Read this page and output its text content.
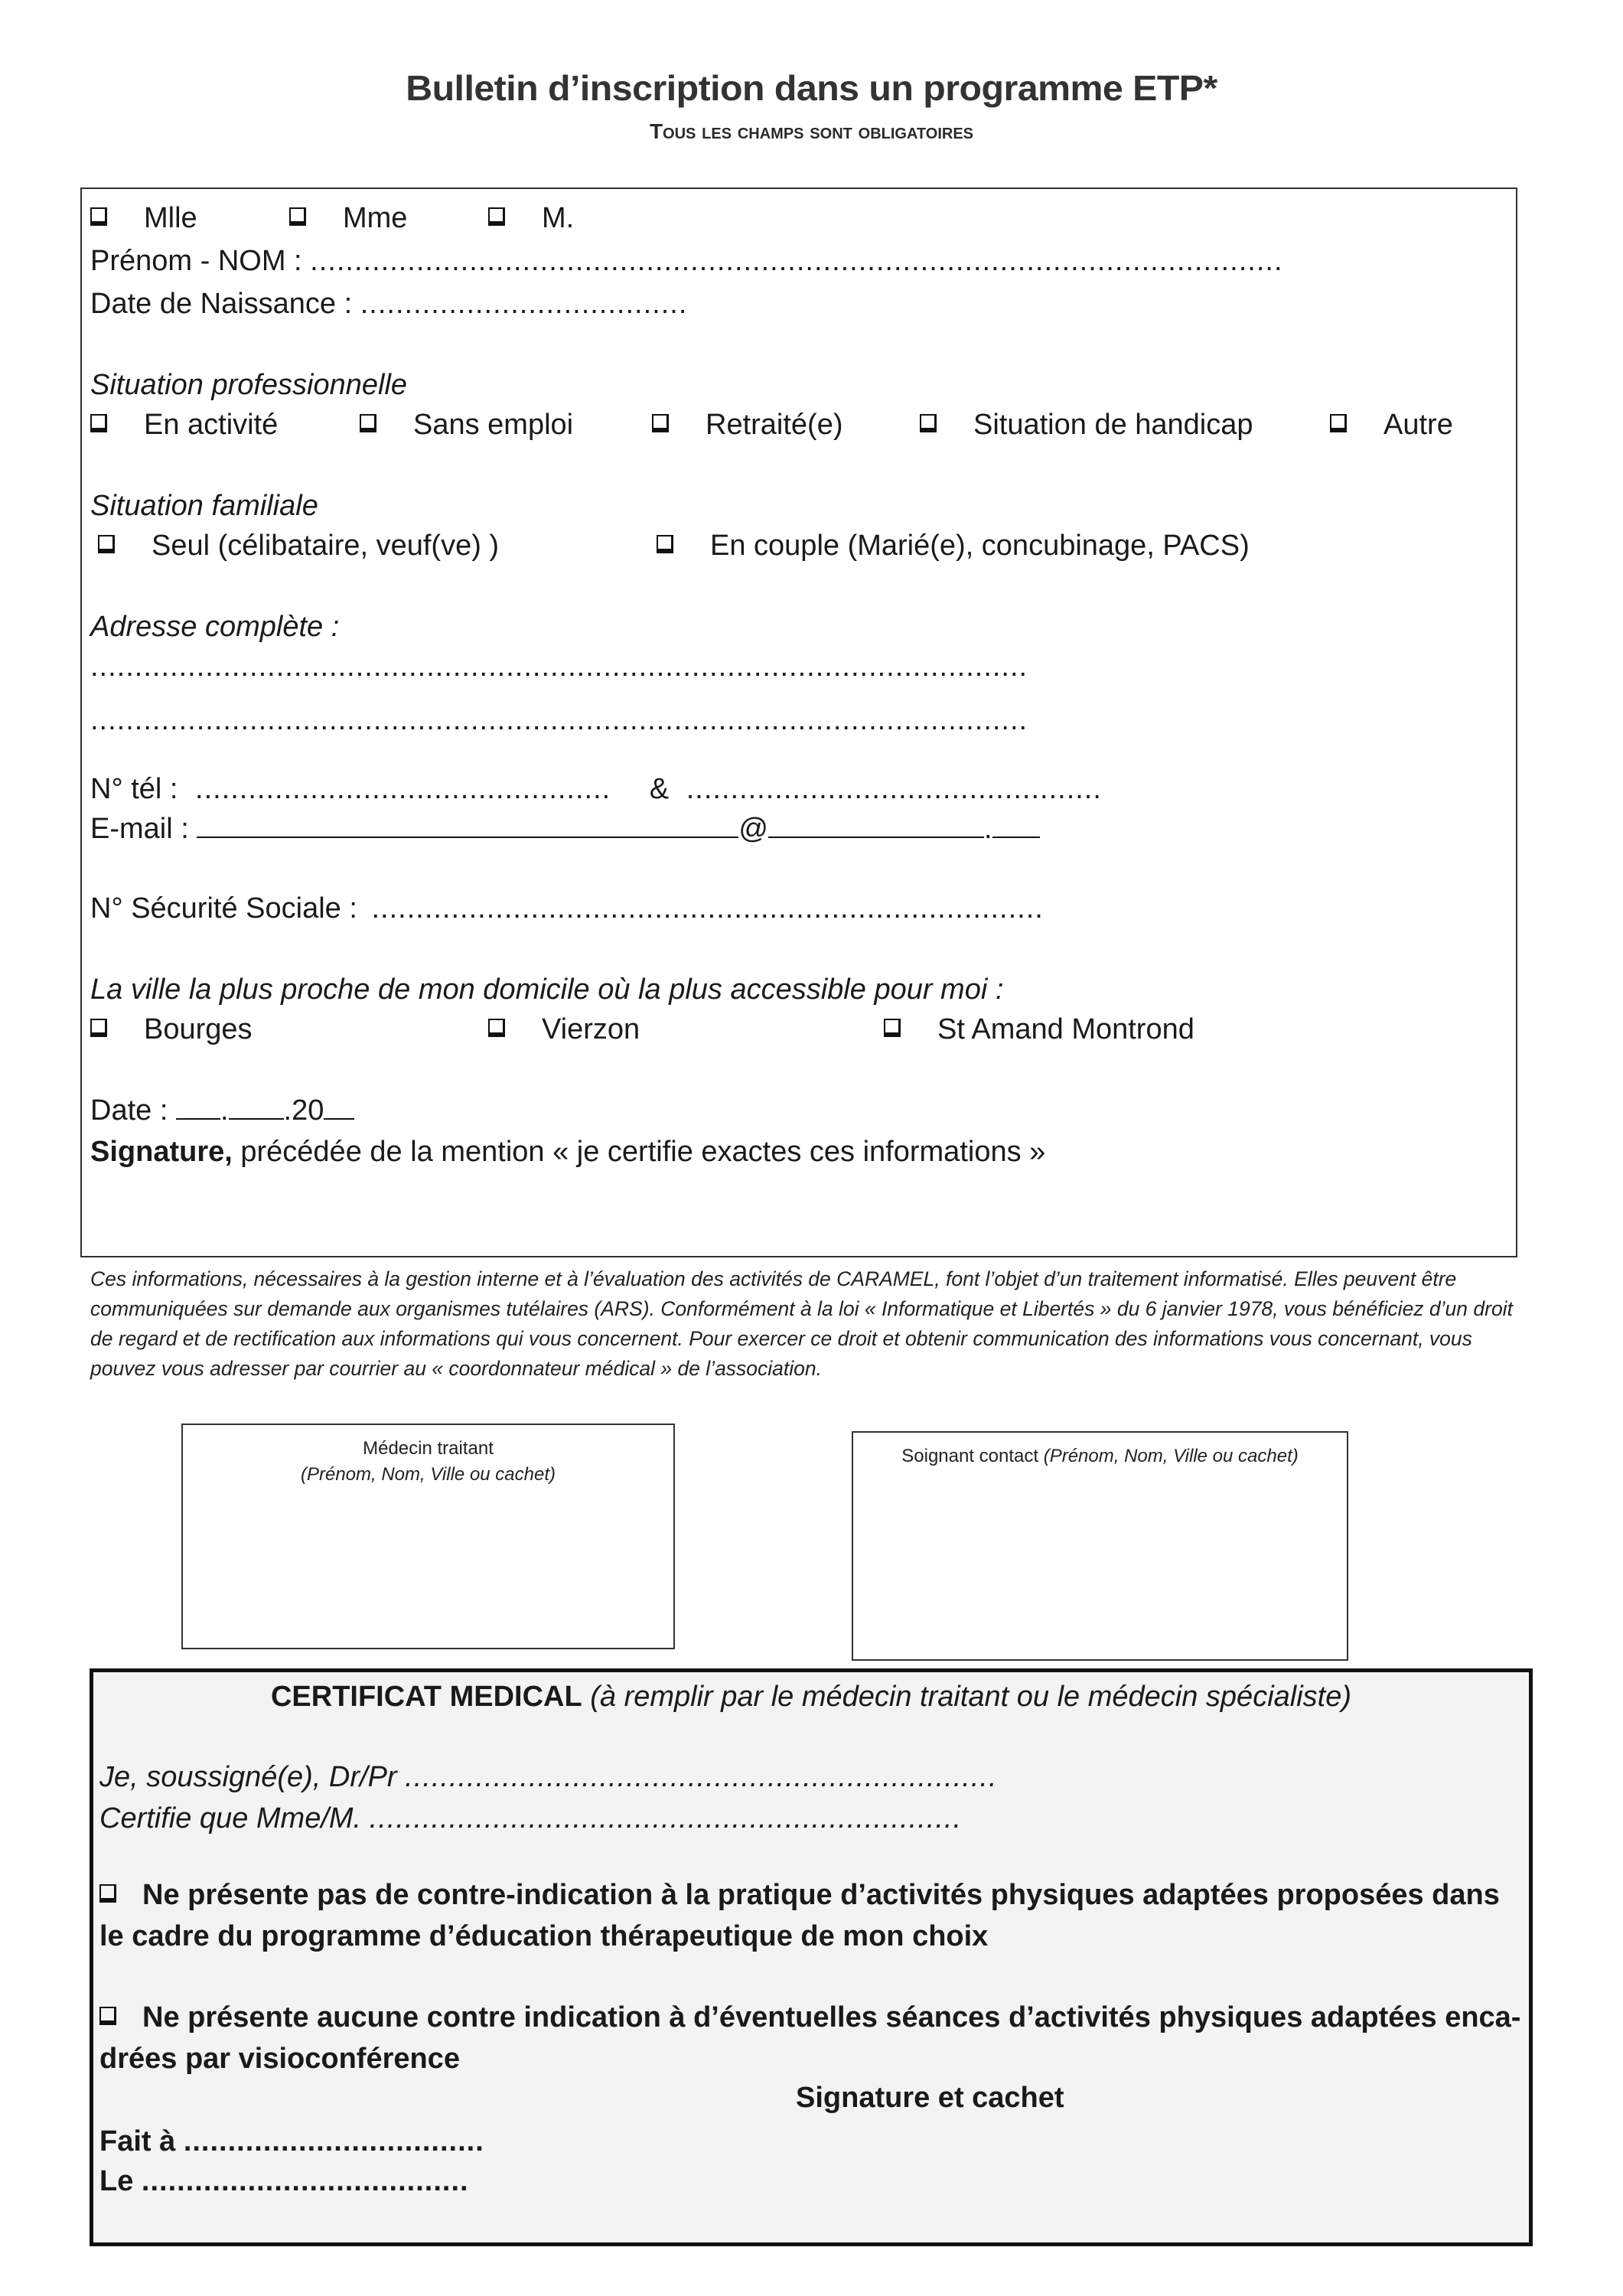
Bulletin d’inscription dans un programme ETP*
Tous les champs sont obligatoires
Mlle	Mme	M.
Prénom - NOM : ..............................................................................................................
Date de Naissance : .....................................
Situation professionnelle
En activité	Sans emploi	Retraité(e)	Situation de handicap	Autre
Situation familiale
Seul (célibataire, veuf(ve) )	En couple (Marié(e), concubinage, PACS)
Adresse complète :
..........................................................................................................
..........................................................................................................
N° tél : ............................................... & ...............................................
E-mail :	@	.
N° Sécurité Sociale : ............................................................................
La ville la plus proche de mon domicile où la plus accessible pour moi :
Bourges	Vierzon	St Amand Montrond
Date : . .20
Signature, précédée de la mention « je certifie exactes ces informations »
Ces informations, nécessaires à la gestion interne et à l’évaluation des activités de CARAMEL, font l’objet d’un traitement informatisé. Elles peuvent être communiquées sur demande aux organismes tutélaires (ARS). Conformément à la loi « Informatique et Libertés » du 6 janvier 1978, vous bénéficiez d’un droit de regard et de rectification aux informations qui vous concernent. Pour exercer ce droit et obtenir communication des informations vous concernant, vous pouvez vous adresser par courrier au « coordonnateur médical » de l’association.
Médecin traitant
(Prénom, Nom, Ville ou cachet)
Soignant contact (Prénom, Nom, Ville ou cachet)
CERTIFICAT MEDICAL (à remplir par le médecin traitant ou le médecin spécialiste)
Je, soussigné(e), Dr/Pr ...................................................................
Certifie que Mme/M. ...................................................................
Ne présente pas de contre-indication à la pratique d’activités physiques adaptées proposées dans
le cadre du programme d’éducation thérapeutique de mon choix
Ne présente aucune contre indication à d’éventuelles séances d’activités physiques adaptées enca-
drées par visioconférence
Signature et cachet
Fait à ..................................
Le .....................................
